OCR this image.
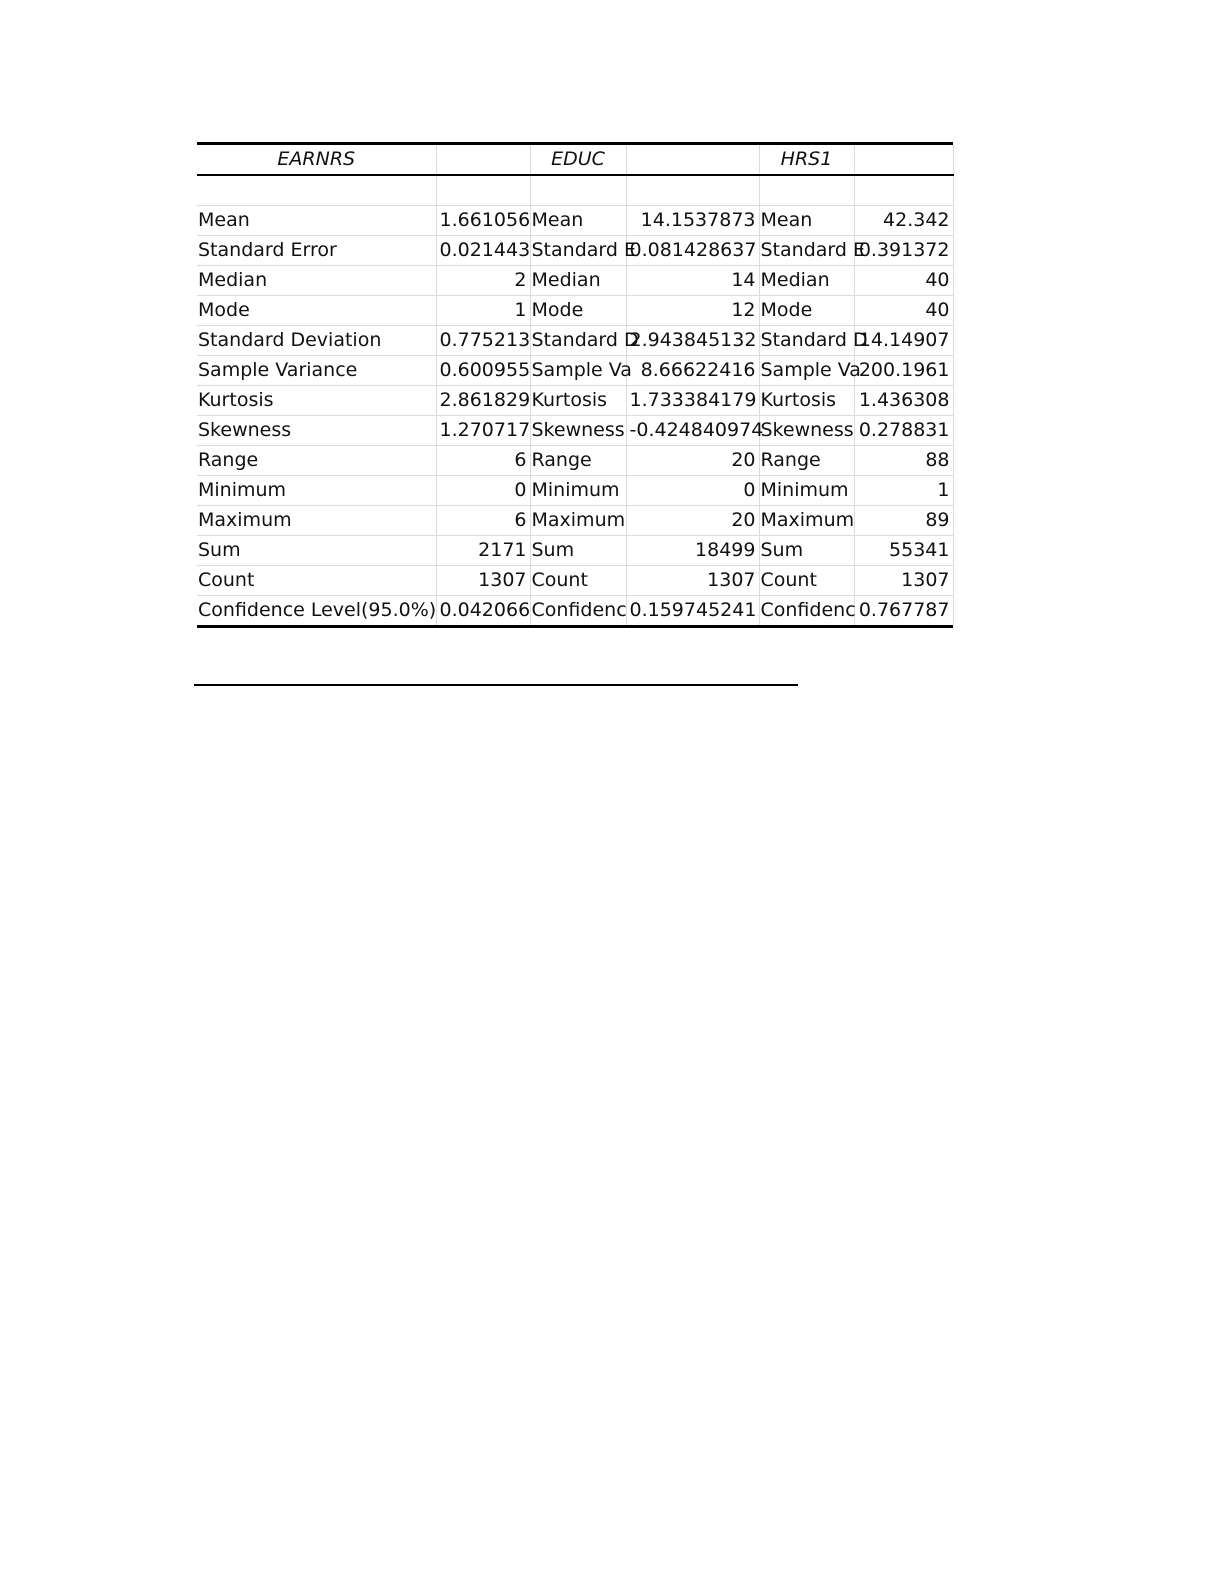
EARNRS		EDUC		HRS1	

Mean	1.661056	Mean	14.1537873	Mean	42.342
Standard Error	0.021443	Standard E	0.081428637	Standard E	0.391372
Median	2	Median	14	Median	40
Mode	1	Mode	12	Mode	40
Standard Deviation	0.775213	Standard D	2.943845132	Standard D	14.14907
Sample Variance	0.600955	Sample Va	8.66622416	Sample Va	200.1961
Kurtosis	2.861829	Kurtosis	1.733384179	Kurtosis	1.436308
Skewness	1.270717	Skewness	-0.424840974	Skewness	0.278831
Range	6	Range	20	Range	88
Minimum	0	Minimum	0	Minimum	1
Maximum	6	Maximum	20	Maximum	89
Sum	2171	Sum	18499	Sum	55341
Count	1307	Count	1307	Count	1307
Confidence Level(95.0%)	0.042066	Confidenc	0.159745241	Confidenc	0.767787
